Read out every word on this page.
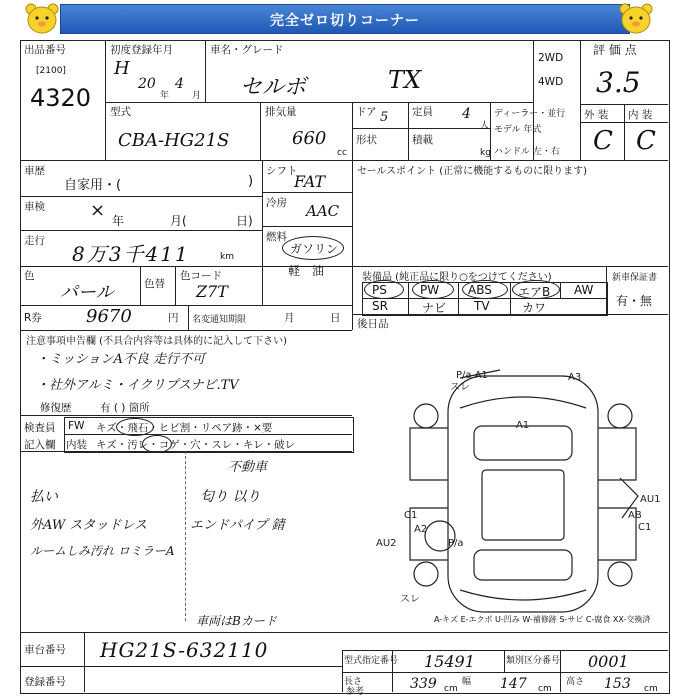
完全ゼロ切りコーナー
出品番号
[2100]
4320
初度登録年月
H
20
年
4
月
車名・グレード
セルボ	TX
2WD
4WD
評 価 点
3.5
外 装 内 装
C C
型式
CBA-HG21S
排気量
660
cc
ドア 5 定員 4
人
形状	積載
kg
ディーラー・並行
モデル 年式
ハンドル 左・右
車歴
自家用・(	)
シフト
FAT
車検	× 年	月(	日)
冷房 AAC
走行
8万3千411	km
燃料
ガソリン
軽 油
色
パール	色替
色コード
Z7T
R券 9670	円 名変通知期限	月	日
セールスポイント (正常に機能するものに限ります)
装備品 (純正品に限り○をつけてください)	新車保証書
有・無
PS	PW ABS エアB AW
SR	ナビ TV	カワ
後日品
注意事項申告欄 (不具合内容等は具体的に記入して下さい)
・ミッションA不良 走行不可
・社外アルミ・イクリプスナビ.TV
修復歴	有 ( ) 箇所
検査員
記入欄
FW キズ・飛石・ヒビ割・リペア跡・×要
内装 キズ・汚レ・コゲ・穴・スレ・キレ・破レ
不動車
払い
外AW スタッドレス
ルームしみ汚れ ロミラーA
匂り 以り
エンドパイプ 錆
車両はBカード
P/a A1	A3
A1
AU1
AB
C1
A2	C1
AU2	P/a
スレ
スレ
A-キズ E-エクボ U-凹み W-補修跡 S-サビ C-腐食 XX-交換済
車台番号 HG21S-632110
登録番号
型式指定番号 15491	類別区分番号 0001
長さ
参考	339 cm
幅 147 cm
高さ 153 cm
